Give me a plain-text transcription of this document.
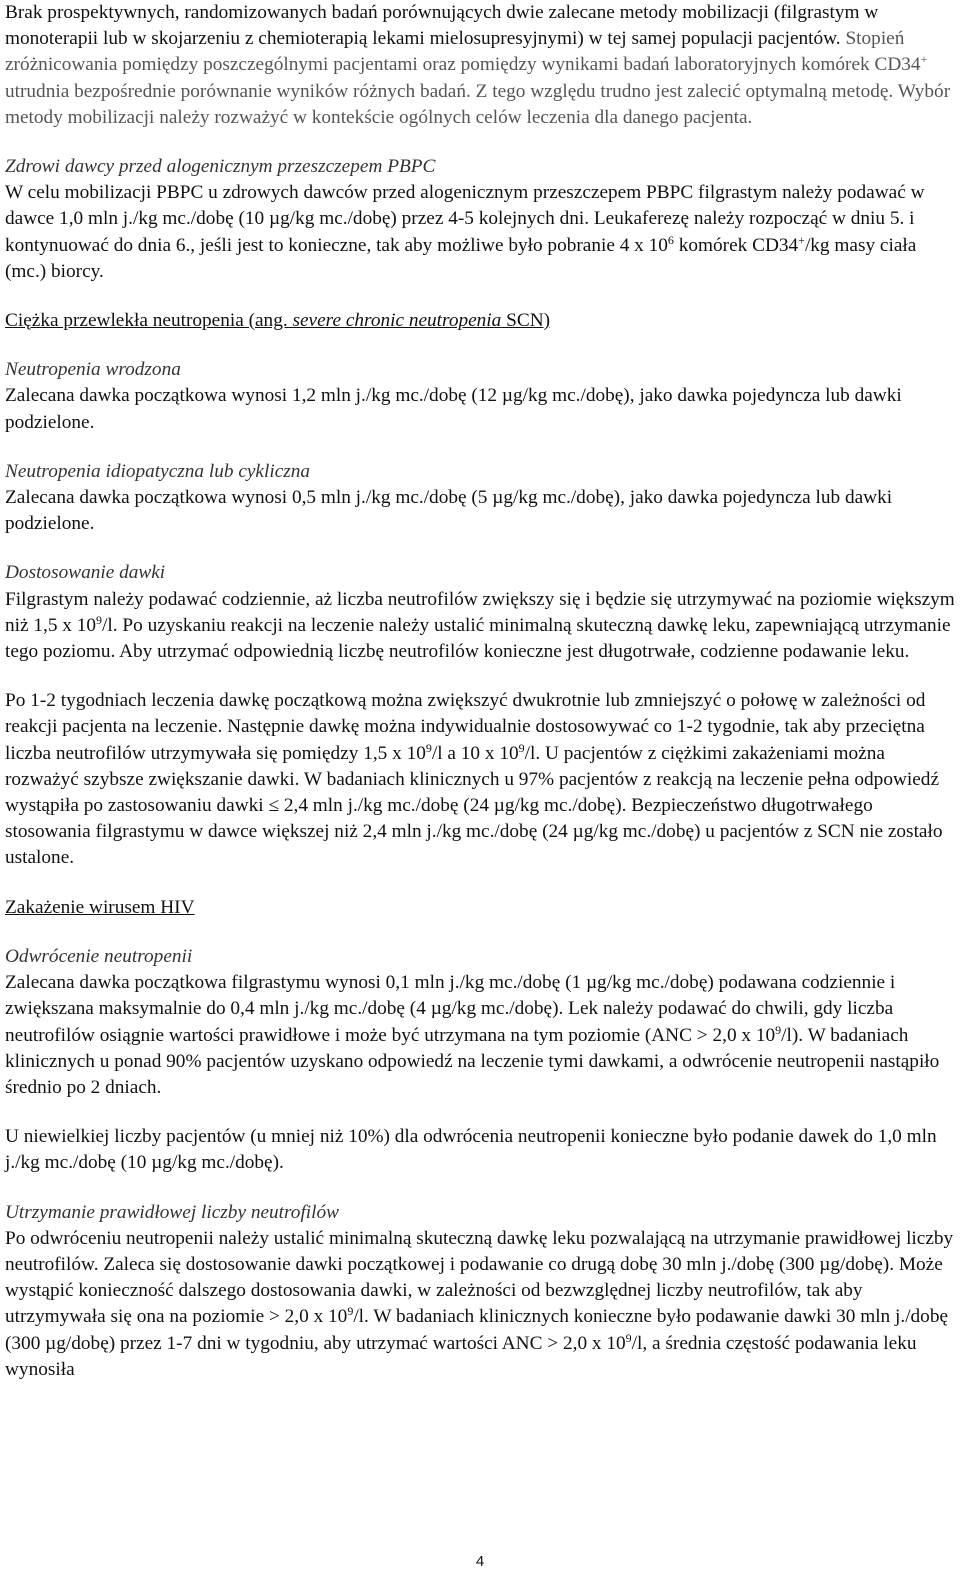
Brak prospektywnych, randomizowanych badań porównujących dwie zalecane metody mobilizacji (filgrastym w monoterapii lub w skojarzeniu z chemioterapią lekami mielosupresyjnymi) w tej samej populacji pacjentów. Stopień zróżnicowania pomiędzy poszczególnymi pacjentami oraz pomiędzy wynikami badań laboratoryjnych komórek CD34+ utrudnia bezpośrednie porównanie wyników różnych badań. Z tego względu trudno jest zalecić optymalną metodę. Wybór metody mobilizacji należy rozważyć w kontekście ogólnych celów leczenia dla danego pacjenta.

Zdrowi dawcy przed alogenicznym przeszczepem PBPC

W celu mobilizacji PBPC u zdrowych dawców przed alogenicznym przeszczepem PBPC filgrastym należy podawać w dawce 1,0 mln j./kg mc./dobę (10 µg/kg mc./dobę) przez 4-5 kolejnych dni. Leukaferezę należy rozpocząć w dniu 5. i kontynuować do dnia 6., jeśli jest to konieczne, tak aby możliwe było pobranie 4 x $10^6$ komórek CD34+/kg masy ciała (mc.) biorcy.

Ciężka przewlekła neutropenia (ang. severe chronic neutropenia SCN)

Neutropenia wrodzona

Zalecana dawka początkowa wynosi 1,2 mln j./kg mc./dobę (12 µg/kg mc./dobę), jako dawka pojedyncza lub dawki podzielone.

Neutropenia idiopatyczna lub cykliczna

Zalecana dawka początkowa wynosi 0,5 mln j./kg mc./dobę (5 µg/kg mc./dobę), jako dawka pojedyncza lub dawki podzielone.

Dostosowanie dawki

Filgrastym należy podawać codziennie, aż liczba neutrofilów zwiększy się i będzie się utrzymywać na poziomie większym niż 1,5 x $10^9/l$. Po uzyskaniu reakcji na leczenie należy ustalić minimalną skuteczną dawkę leku, zapewniającą utrzymanie tego poziomu. Aby utrzymać odpowiednią liczbę neutrofilów konieczne jest długotrwałe, codzienne podawanie leku.

Po 1-2 tygodniach leczenia dawkę początkową można zwiększyć dwukrotnie lub zmniejszyć o połowę w zależności od reakcji pacjenta na leczenie. Następnie dawkę można indywidualnie dostosowywać co 1-2 tygodnie, tak aby przeciętna liczba neutrofilów utrzymywała się pomiędzy 1,5 x $10^9/l$ a 10 x $10^9/l$. U pacjentów z ciężkimi zakażeniami można rozważyć szybsze zwiększanie dawki. W badaniach klinicznych u 97% pacjentów z reakcją na leczenie pełna odpowiedź wystąpiła po zastosowaniu dawki ≤ 2,4 mln j./kg mc./dobę (24 µg/kg mc./dobę). Bezpieczeństwo długotrwałego stosowania filgrastymu w dawce większej niż 2,4 mln j./kg mc./dobę (24 µg/kg mc./dobę) u pacjentów z SCN nie zostało ustalone.

Zakażenie wirusem HIV

Odwrócenie neutropenii

Zalecana dawka początkowa filgrastymu wynosi 0,1 mln j./kg mc./dobę (1 µg/kg mc./dobę) podawana codziennie i zwiększana maksymalnie do 0,4 mln j./kg mc./dobę (4 µg/kg mc./dobę). Lek należy podawać do chwili, gdy liczba neutrofilów osiągnie wartości prawidłowe i może być utrzymana na tym poziomie (ANC > 2,0 x $10^9/l$). W badaniach klinicznych u ponad 90% pacjentów uzyskano odpowiedź na leczenie tymi dawkami, a odwrócenie neutropenii nastąpiło średnio po 2 dniach.

U niewielkiej liczby pacjentów (u mniej niż 10%) dla odwrócenia neutropenii konieczne było podanie dawek do 1,0 mln j./kg mc./dobę (10 µg/kg mc./dobę).

Utrzymanie prawidłowej liczby neutrofilów

Po odwróceniu neutropenii należy ustalić minimalną skuteczną dawkę leku pozwalającą na utrzymanie prawidłowej liczby neutrofilów. Zaleca się dostosowanie dawki początkowej i podawanie co drugą dobę 30 mln j./dobę (300 µg/dobę). Może wystąpić konieczność dalszego dostosowania dawki, w zależności od bezwzględnej liczby neutrofilów, tak aby utrzymywała się ona na poziomie > 2,0 x $10^9/l$. W badaniach klinicznych konieczne było podawanie dawki 30 mln j./dobę (300 µg/dobę) przez 1-7 dni w tygodniu, aby utrzymać wartości ANC > 2,0 x $10^9/l$, a średnia częstość podawania leku wynosiła

4
